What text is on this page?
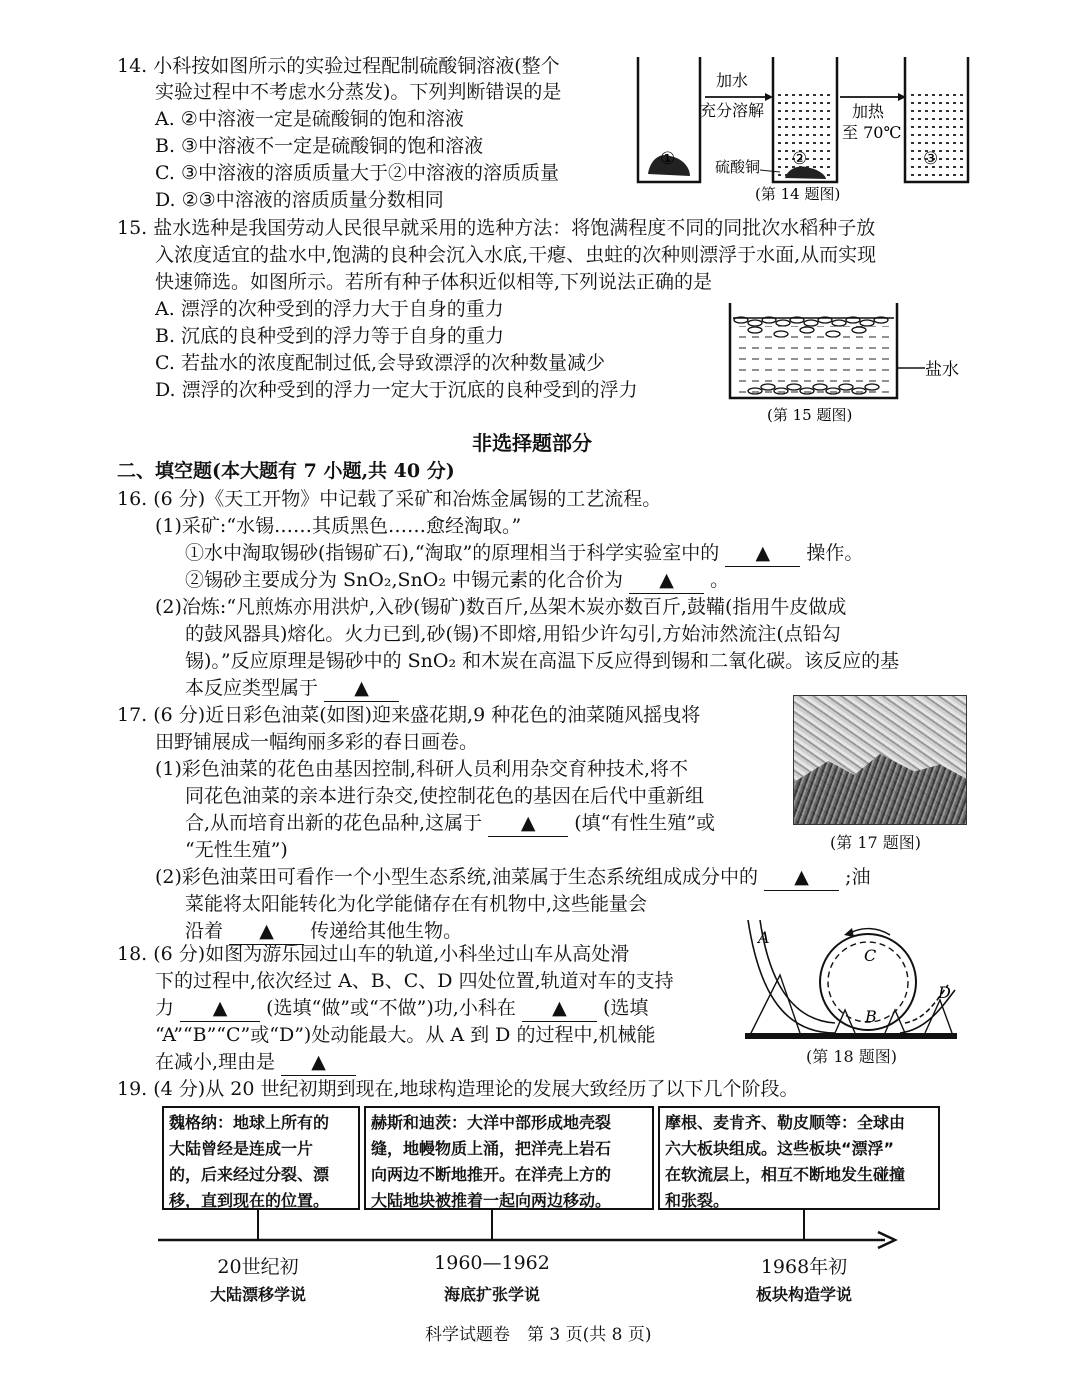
14. 小科按如图所示的实验过程配制硫酸铜溶液(整个
实验过程中不考虑水分蒸发)。下列判断错误的是
A. ②中溶液一定是硫酸铜的饱和溶液
B. ③中溶液不一定是硫酸铜的饱和溶液
C. ③中溶液的溶质质量大于②中溶液的溶质质量
D. ②③中溶液的溶质质量分数相同
加水
充分溶解	加热
至 70℃
①	②	③
硫酸铜
(第 14 题图)
15. 盐水选种是我国劳动人民很早就采用的选种方法：将饱满程度不同的同批次水稻种子放
入浓度适宜的盐水中,饱满的良种会沉入水底,干瘪、虫蛀的次种则漂浮于水面,从而实现
快速筛选。如图所示。若所有种子体积近似相等,下列说法正确的是
A. 漂浮的次种受到的浮力大于自身的重力
B. 沉底的良种受到的浮力等于自身的重力
C. 若盐水的浓度配制过低,会导致漂浮的次种数量减少
D. 漂浮的次种受到的浮力一定大于沉底的良种受到的浮力
盐水
(第 15 题图)
非选择题部分
二、填空题(本大题有 7 小题,共 40 分)
16. (6 分)《天工开物》中记载了采矿和冶炼金属锡的工艺流程。
(1)采矿:“水锡……其质黑色……愈经淘取。”
①水中淘取锡砂(指锡矿石),“淘取”的原理相当于科学实验室中的 ▲ 操作。
②锡砂主要成分为 SnO₂,SnO₂ 中锡元素的化合价为 ▲ 。
(2)冶炼:“凡煎炼亦用洪炉,入砂(锡矿)数百斤,丛架木炭亦数百斤,鼓鞴(指用牛皮做成
的鼓风器具)熔化。火力已到,砂(锡)不即熔,用铅少许勾引,方始沛然流注(点铅勾
锡)。”反应原理是锡砂中的 SnO₂ 和木炭在高温下反应得到锡和二氧化碳。该反应的基
本反应类型属于 ▲
17. (6 分)近日彩色油菜(如图)迎来盛花期,9 种花色的油菜随风摇曳将
田野铺展成一幅绚丽多彩的春日画卷。
(1)彩色油菜的花色由基因控制,科研人员利用杂交育种技术,将不
同花色油菜的亲本进行杂交,使控制花色的基因在后代中重新组
合,从而培育出新的花色品种,这属于 ▲ (填“有性生殖”或
“无性生殖”)
(2)彩色油菜田可看作一个小型生态系统,油菜属于生态系统组成成分中的 ▲ ;油
菜能将太阳能转化为化学能储存在有机物中,这些能量会
沿着 ▲ 传递给其他生物。
(第 17 题图)
18. (6 分)如图为游乐园过山车的轨道,小科坐过山车从高处滑
下的过程中,依次经过 A、B、C、D 四处位置,轨道对车的支持
力 ▲ (选填“做”或“不做”)功,小科在 ▲ (选填
“A”“B”“C”或“D”)处动能最大。从 A 到 D 的过程中,机械能
在减小,理由是 ▲
A
B
C
D
(第 18 题图)
19. (4 分)从 20 世纪初期到现在,地球构造理论的发展大致经历了以下几个阶段。
魏格纳：地球上所有的
大陆曾经是连成一片
的，后来经过分裂、漂
移，直到现在的位置。
赫斯和迪茨：大洋中部形成地壳裂
缝，地幔物质上涌，把洋壳上岩石
向两边不断地推开。在洋壳上方的
大陆地块被推着一起向两边移动。
摩根、麦肯齐、勒皮顺等：全球由
六大板块组成。这些板块“漂浮”
在软流层上，相互不断地发生碰撞
和张裂。
20世纪初
大陆漂移学说
1960—1962
海底扩张学说
1968年初
板块构造学说
科学试题卷　第 3 页(共 8 页)
